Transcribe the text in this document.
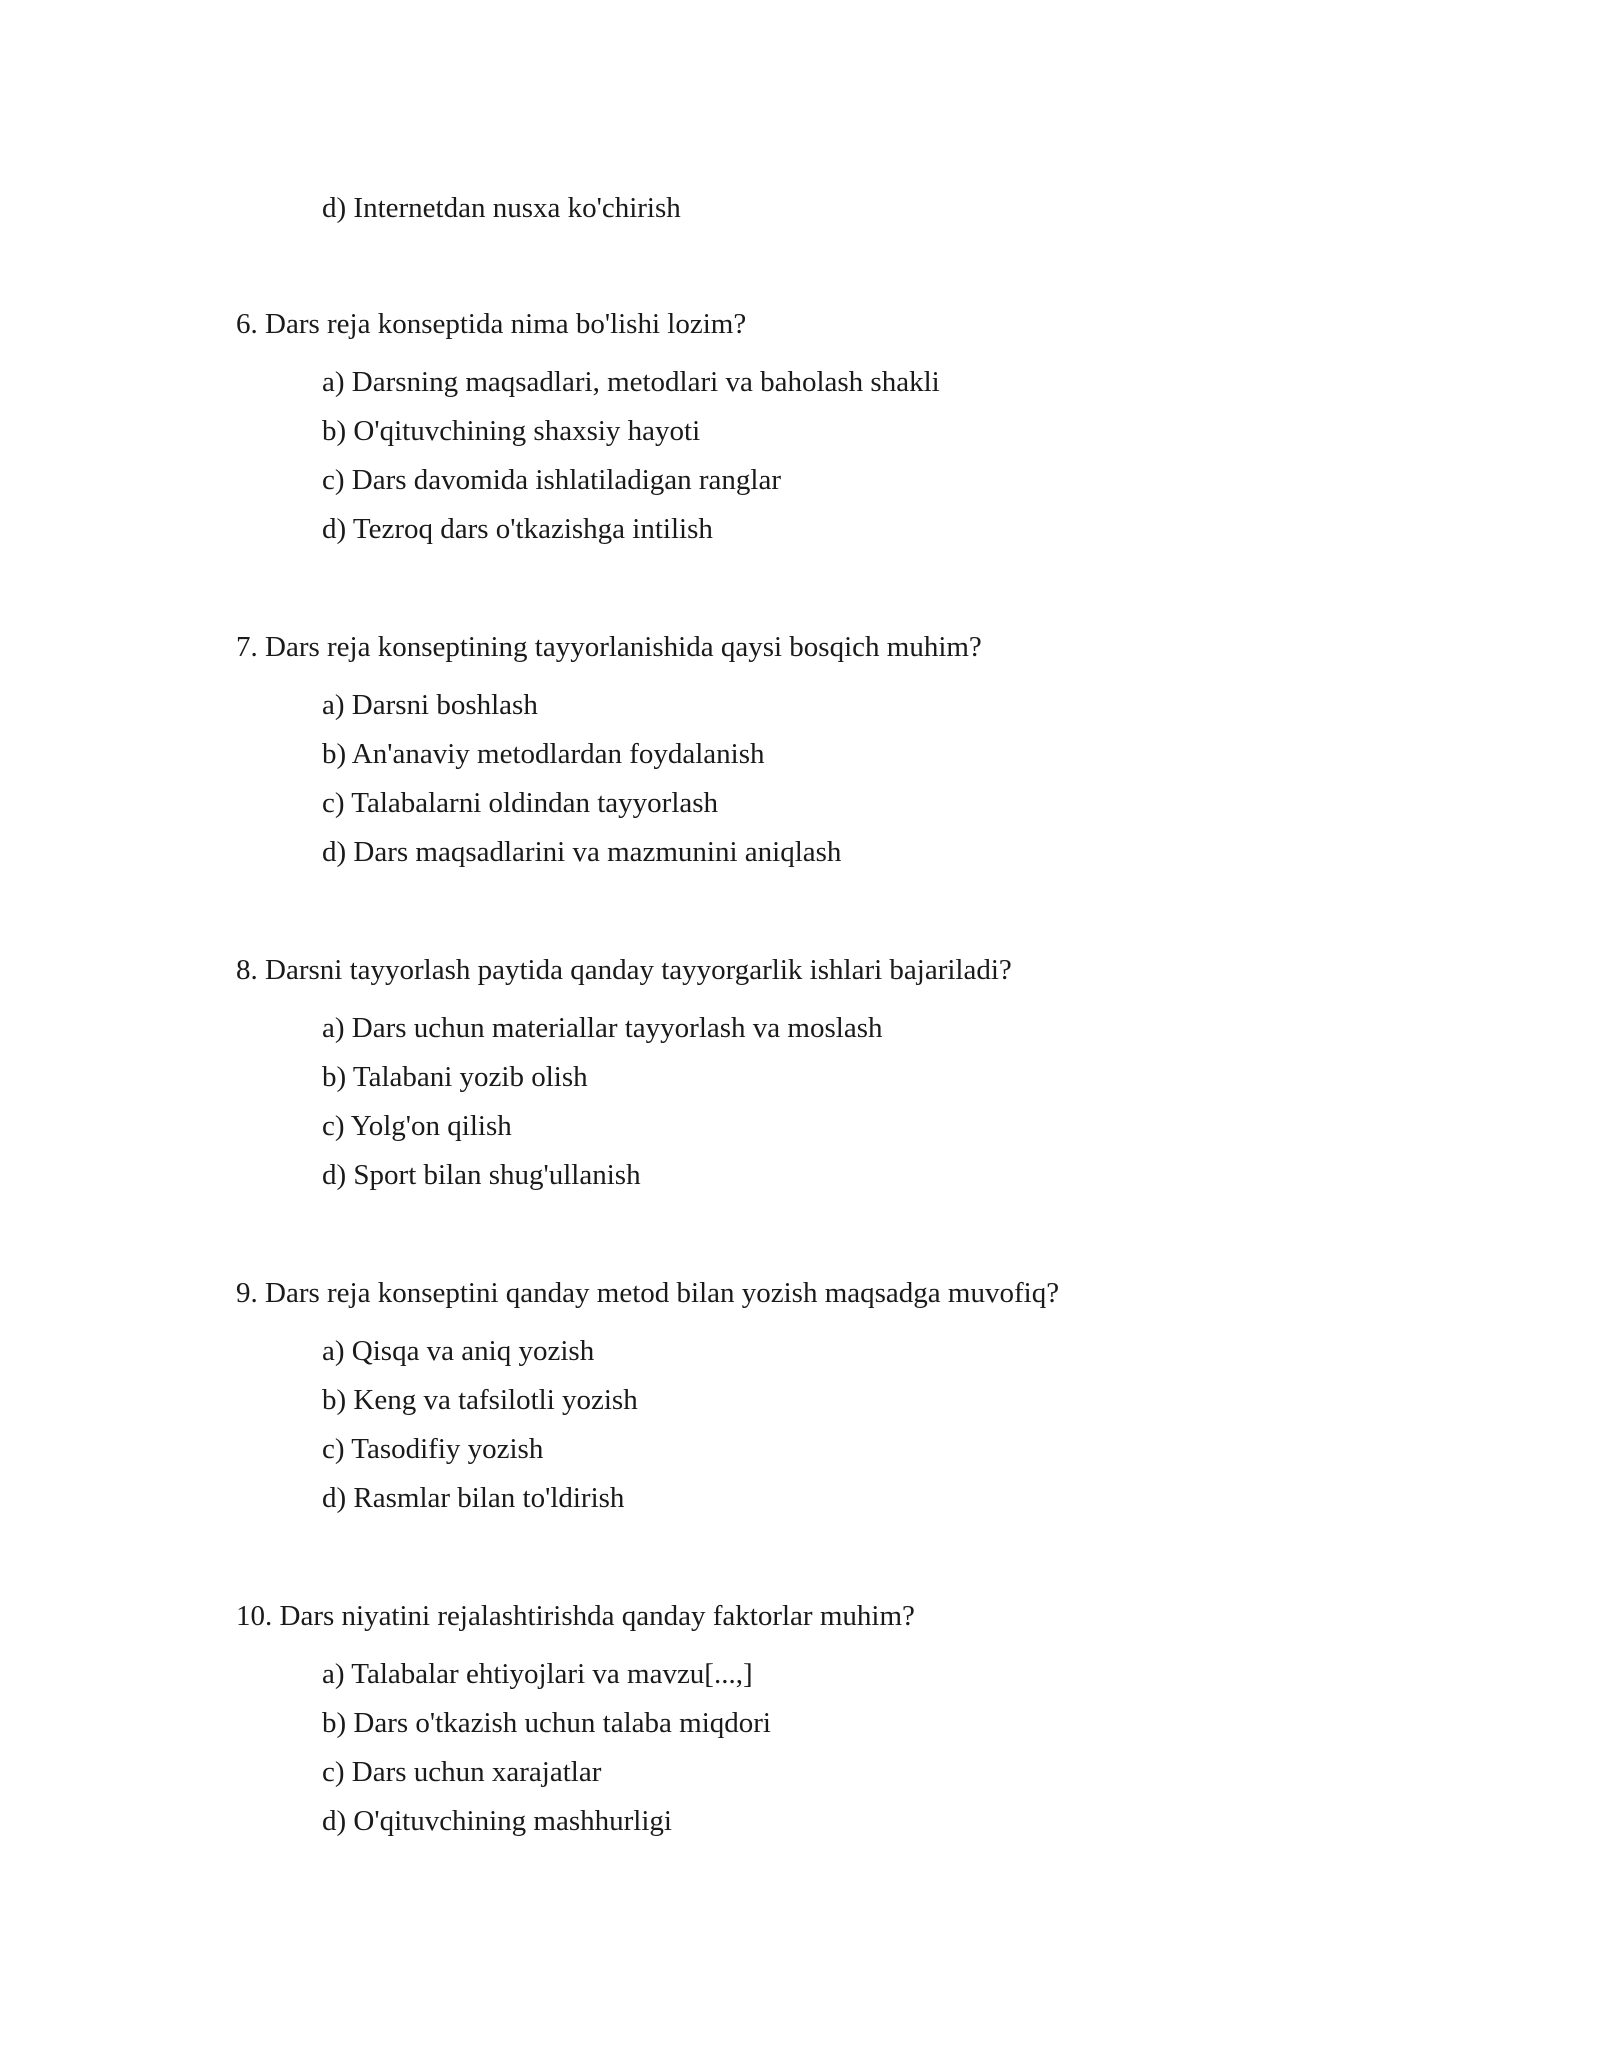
d) Internetdan nusxa ko'chirish
6. Dars reja konseptida nima bo'lishi lozim?
a) Darsning maqsadlari, metodlari va baholash shakli
b) O'qituvchining shaxsiy hayoti
c) Dars davomida ishlatiladigan ranglar
d) Tezroq dars o'tkazishga intilish
7. Dars reja konseptining tayyorlanishida qaysi bosqich muhim?
a) Darsni boshlash
b) An'anaviy metodlardan foydalanish
c) Talabalarni oldindan tayyorlash
d) Dars maqsadlarini va mazmunini aniqlash
8. Darsni tayyorlash paytida qanday tayyorgarlik ishlari bajariladi?
a) Dars uchun materiallar tayyorlash va moslash
b) Talabani yozib olish
c) Yolg'on qilish
d) Sport bilan shug'ullanish
9. Dars reja konseptini qanday metod bilan yozish maqsadga muvofiq?
a) Qisqa va aniq yozish
b) Keng va tafsilotli yozish
c) Tasodifiy yozish
d) Rasmlar bilan to'ldirish
10. Dars niyatini rejalashtirishda qanday faktorlar muhim?
a) Talabalar ehtiyojlari va mavzu[...,]
b) Dars o'tkazish uchun talaba miqdori
c) Dars uchun xarajatlar
d) O'qituvchining mashhurligi
